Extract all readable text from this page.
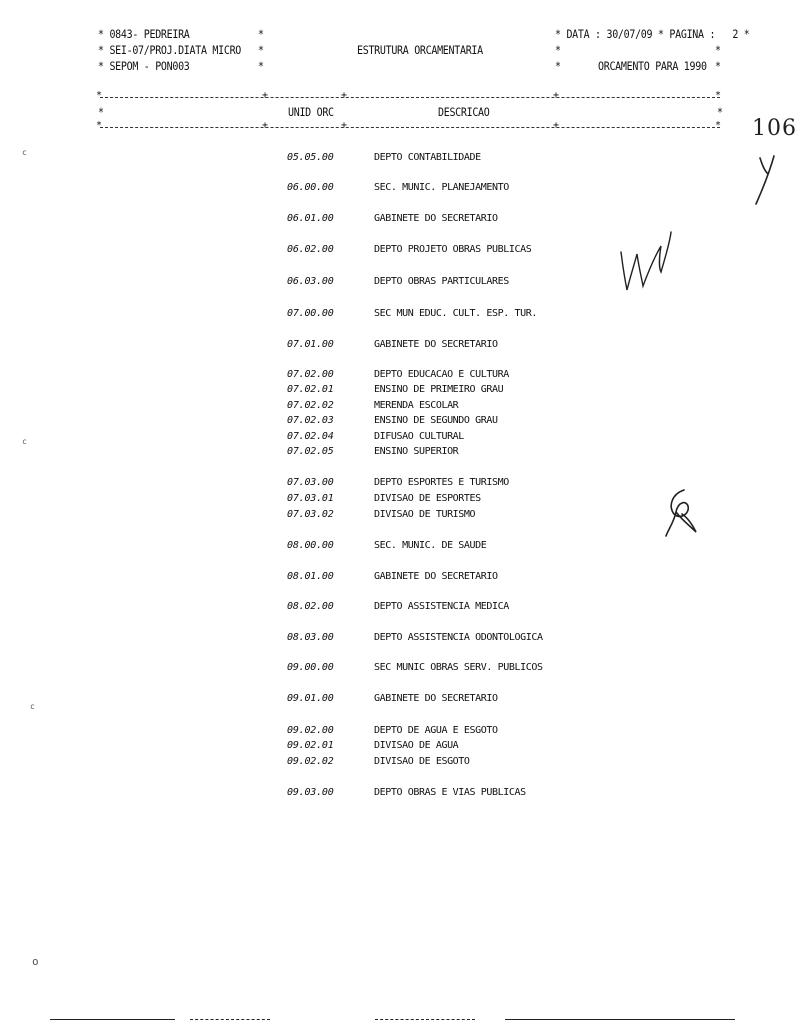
* 0843- PEDREIRA
* SEI-07/PROJ.DIATA MICRO
* SEPOM - PON003
*
*
*
ESTRUTURA ORCAMENTARIA
* DATA : 30/07/09 * PAGINA :   2 *
*	*
*	ORCAMENTO PARA 1990 *
*	+	+	+	*
*	+	+	+	*
*	*
UNID ORC	DESCRICAO
106
c
c
c
o
05.05.00	DEPTO CONTABILIDADE
06.00.00	SEC. MUNIC. PLANEJAMENTO
06.01.00	GABINETE DO SECRETARIO
06.02.00	DEPTO PROJETO OBRAS PUBLICAS
06.03.00	DEPTO OBRAS PARTICULARES
07.00.00	SEC MUN EDUC. CULT. ESP. TUR.
07.01.00	GABINETE DO SECRETARIO
07.02.00	DEPTO EDUCACAO E CULTURA
07.02.01	ENSINO DE PRIMEIRO GRAU
07.02.02	MERENDA ESCOLAR
07.02.03	ENSINO DE SEGUNDO GRAU
07.02.04	DIFUSAO CULTURAL
07.02.05	ENSINO SUPERIOR
07.03.00	DEPTO ESPORTES E TURISMO
07.03.01	DIVISAO DE ESPORTES
07.03.02	DIVISAO DE TURISMO
08.00.00	SEC. MUNIC. DE SAUDE
08.01.00	GABINETE DO SECRETARIO
08.02.00	DEPTO ASSISTENCIA MEDICA
08.03.00	DEPTO ASSISTENCIA ODONTOLOGICA
09.00.00	SEC MUNIC OBRAS SERV. PUBLICOS
09.01.00	GABINETE DO SECRETARIO
09.02.00	DEPTO DE AGUA E ESGOTO
09.02.01	DIVISAO DE AGUA
09.02.02	DIVISAO DE ESGOTO
09.03.00	DEPTO OBRAS E VIAS PUBLICAS
